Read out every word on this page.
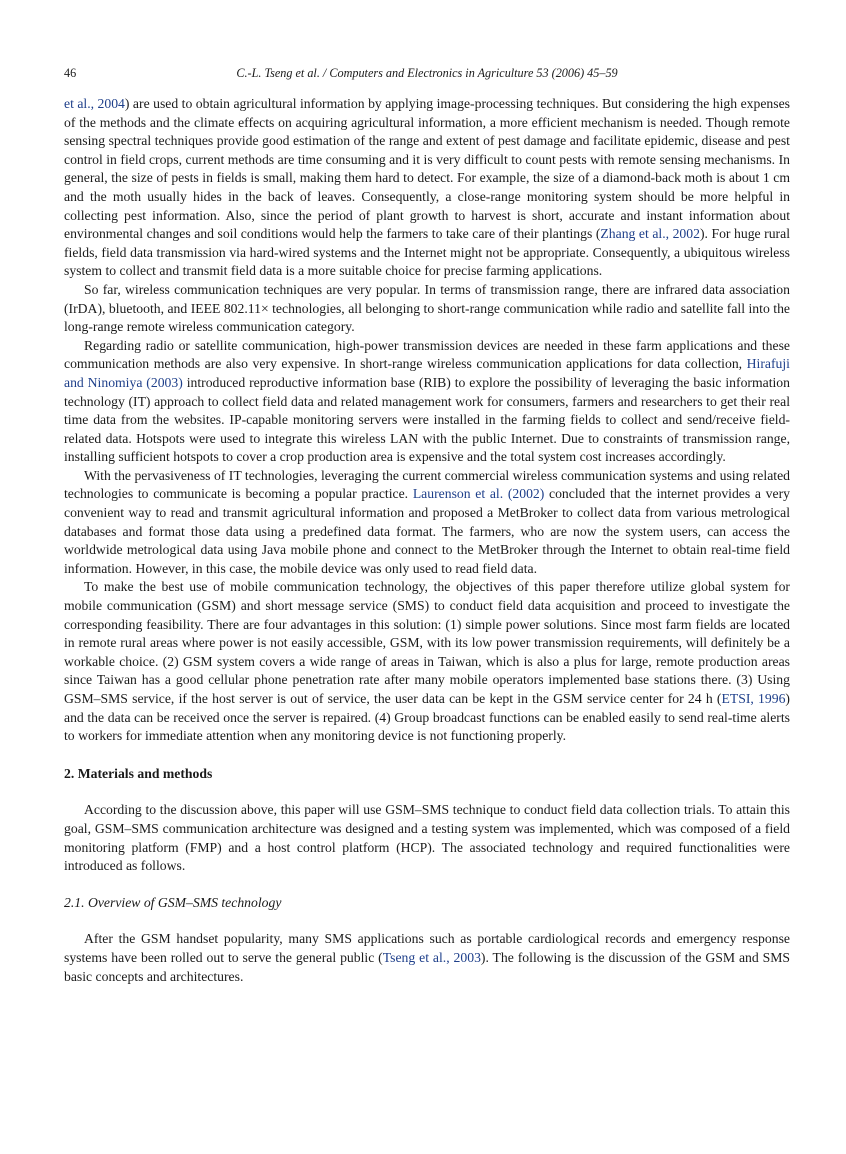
46	C.-L. Tseng et al. / Computers and Electronics in Agriculture 53 (2006) 45–59

et al., 2004) are used to obtain agricultural information by applying image-processing techniques. But considering the high expenses of the methods and the climate effects on acquiring agricultural information, a more efficient mechanism is needed. Though remote sensing spectral techniques provide good estimation of the range and extent of pest damage and facilitate epidemic, disease and pest control in field crops, current methods are time consuming and it is very difficult to count pests with remote sensing mechanisms. In general, the size of pests in fields is small, making them hard to detect. For example, the size of a diamond-back moth is about 1 cm and the moth usually hides in the back of leaves. Consequently, a close-range monitoring system should be more helpful in collecting pest information. Also, since the period of plant growth to harvest is short, accurate and instant information about environmental changes and soil conditions would help the farmers to take care of their plantings (Zhang et al., 2002). For huge rural fields, field data transmission via hard-wired systems and the Internet might not be appropriate. Consequently, a ubiquitous wireless system to collect and transmit field data is a more suitable choice for precise farming applications.

So far, wireless communication techniques are very popular. In terms of transmission range, there are infrared data association (IrDA), bluetooth, and IEEE 802.11× technologies, all belonging to short-range communication while radio and satellite fall into the long-range remote wireless communication category.

Regarding radio or satellite communication, high-power transmission devices are needed in these farm applications and these communication methods are also very expensive. In short-range wireless communication applications for data collection, Hirafuji and Ninomiya (2003) introduced reproductive information base (RIB) to explore the possibility of leveraging the basic information technology (IT) approach to collect field data and related management work for consumers, farmers and researchers to get their real time data from the websites. IP-capable monitoring servers were installed in the farming fields to collect and send/receive field-related data. Hotspots were used to integrate this wireless LAN with the public Internet. Due to constraints of transmission range, installing sufficient hotspots to cover a crop production area is expensive and the total system cost increases accordingly.

With the pervasiveness of IT technologies, leveraging the current commercial wireless communication systems and using related technologies to communicate is becoming a popular practice. Laurenson et al. (2002) concluded that the internet provides a very convenient way to read and transmit agricultural information and proposed a MetBroker to collect data from various metrological databases and format those data using a predefined data format. The farmers, who are now the system users, can access the worldwide metrological data using Java mobile phone and connect to the MetBroker through the Internet to obtain real-time field information. However, in this case, the mobile device was only used to read field data.

To make the best use of mobile communication technology, the objectives of this paper therefore utilize global system for mobile communication (GSM) and short message service (SMS) to conduct field data acquisition and proceed to investigate the corresponding feasibility. There are four advantages in this solution: (1) simple power solutions. Since most farm fields are located in remote rural areas where power is not easily accessible, GSM, with its low power transmission requirements, will definitely be a workable choice. (2) GSM system covers a wide range of areas in Taiwan, which is also a plus for large, remote production areas since Taiwan has a good cellular phone penetration rate after many mobile operators implemented base stations there. (3) Using GSM–SMS service, if the host server is out of service, the user data can be kept in the GSM service center for 24 h (ETSI, 1996) and the data can be received once the server is repaired. (4) Group broadcast functions can be enabled easily to send real-time alerts to workers for immediate attention when any monitoring device is not functioning properly.

2. Materials and methods

According to the discussion above, this paper will use GSM–SMS technique to conduct field data collection trials. To attain this goal, GSM–SMS communication architecture was designed and a testing system was implemented, which was composed of a field monitoring platform (FMP) and a host control platform (HCP). The associated technology and required functionalities were introduced as follows.

2.1. Overview of GSM–SMS technology

After the GSM handset popularity, many SMS applications such as portable cardiological records and emergency response systems have been rolled out to serve the general public (Tseng et al., 2003). The following is the discussion of the GSM and SMS basic concepts and architectures.
